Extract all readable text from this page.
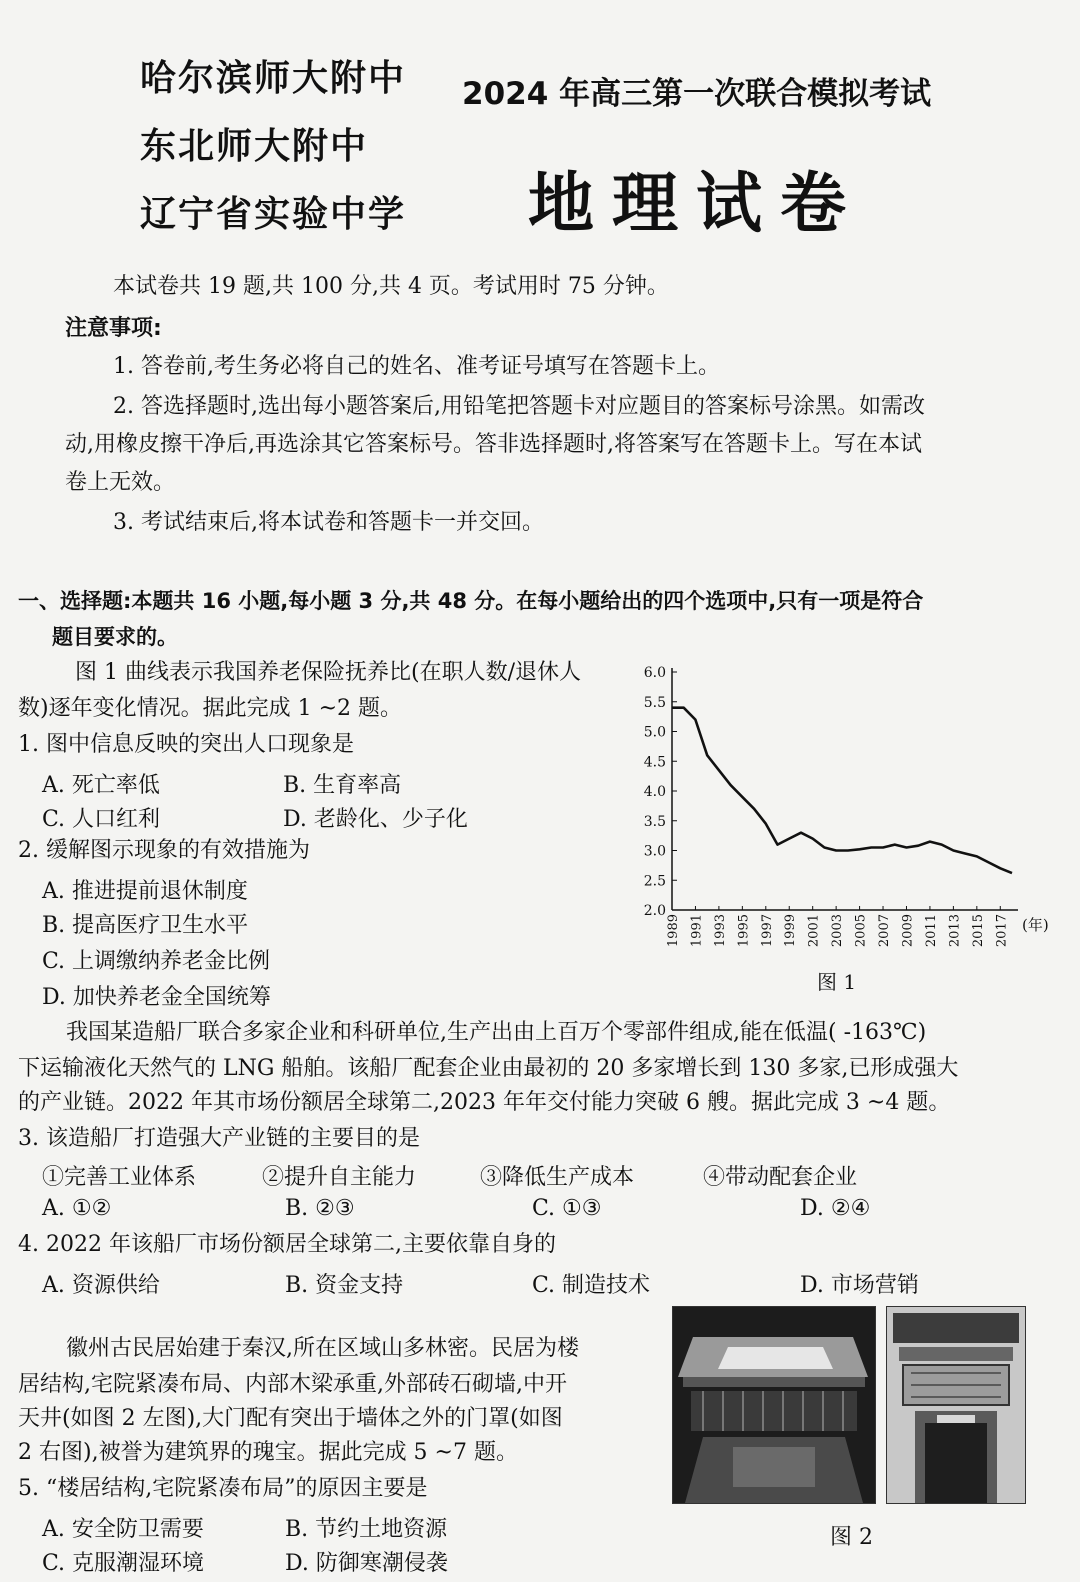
哈尔滨师大附中
东北师大附中
辽宁省实验中学
2024 年高三第一次联合模拟考试
地理试卷
本试卷共 19 题,共 100 分,共 4 页。考试用时 75 分钟。
注意事项:
1. 答卷前,考生务必将自己的姓名、准考证号填写在答题卡上。
2. 答选择题时,选出每小题答案后,用铅笔把答题卡对应题目的答案标号涂黑。如需改
动,用橡皮擦干净后,再选涂其它答案标号。答非选择题时,将答案写在答题卡上。写在本试
卷上无效。
3. 考试结束后,将本试卷和答题卡一并交回。
一、选择题:本题共 16 小题,每小题 3 分,共 48 分。在每小题给出的四个选项中,只有一项是符合
题目要求的。
图 1 曲线表示我国养老保险抚养比(在职人数/退休人
数)逐年变化情况。据此完成 1 ~2 题。
1. 图中信息反映的突出人口现象是
A. 死亡率低	B. 生育率高
C. 人口红利	D. 老龄化、少子化
2. 缓解图示现象的有效措施为
A. 推进提前退休制度
B. 提高医疗卫生水平
C. 上调缴纳养老金比例
D. 加快养老金全国统筹
2.0
2.5
3.0
3.5
4.0
4.5
5.0
5.5
6.0
1989 1991 1993 1995 1997 1999 2001 2003 2005 2007 2009 2011 2013 2015 2017 (年)
图 1
我国某造船厂联合多家企业和科研单位,生产出由上百万个零部件组成,能在低温( -163℃)
下运输液化天然气的 LNG 船舶。该船厂配套企业由最初的 20 多家增长到 130 多家,已形成强大
的产业链。2022 年其市场份额居全球第二,2023 年年交付能力突破 6 艘。据此完成 3 ~4 题。
3. 该造船厂打造强大产业链的主要目的是
①完善工业体系	②提升自主能力	③降低生产成本	④带动配套企业
A. ①②	B. ②③	C. ①③	D. ②④
4. 2022 年该船厂市场份额居全球第二,主要依靠自身的
A. 资源供给	B. 资金支持	C. 制造技术	D. 市场营销
徽州古民居始建于秦汉,所在区域山多林密。民居为楼
居结构,宅院紧凑布局、内部木梁承重,外部砖石砌墙,中开
天井(如图 2 左图),大门配有突出于墙体之外的门罩(如图
2 右图),被誉为建筑界的瑰宝。据此完成 5 ~7 题。
5. “楼居结构,宅院紧凑布局”的原因主要是
A. 安全防卫需要	B. 节约土地资源
C. 克服潮湿环境	D. 防御寒潮侵袭
图 2
